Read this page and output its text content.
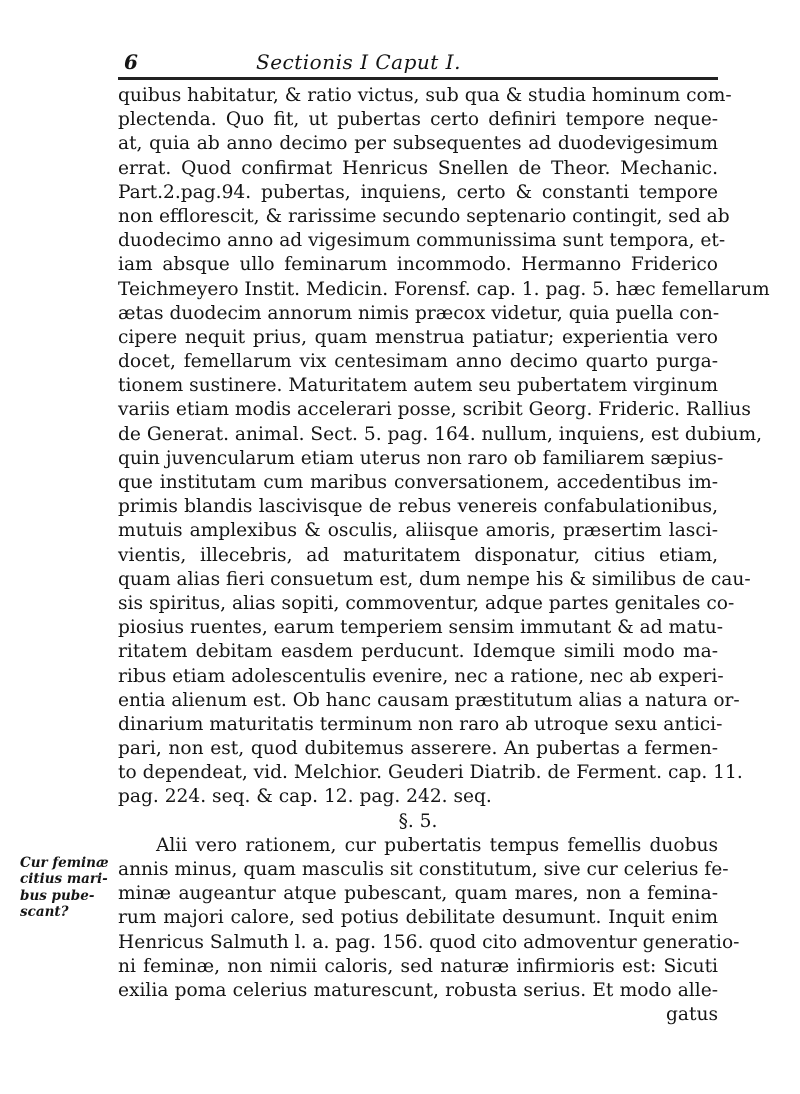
6	Sectionis I Caput I.
Cur feminæ
citius mari-
bus pube-
scant?
quibus habitatur, & ratio victus, sub qua & studia hominum com-
plectenda. Quo fit, ut pubertas certo definiri tempore neque-
at, quia ab anno decimo per subsequentes ad duodevigesimum
errat. Quod confirmat Henricus Snellen de Theor. Mechanic.
Part.2.pag.94. pubertas, inquiens, certo & constanti tempore
non efflorescit, & rarissime secundo septenario contingit, sed ab
duodecimo anno ad vigesimum communissima sunt tempora, et-
iam absque ullo feminarum incommodo. Hermanno Friderico
Teichmeyero Instit. Medicin. Forensf. cap. 1. pag. 5. hæc femellarum
ætas duodecim annorum nimis præcox videtur, quia puella con-
cipere nequit prius, quam menstrua patiatur; experientia vero
docet, femellarum vix centesimam anno decimo quarto purga-
tionem sustinere. Maturitatem autem seu pubertatem virginum
variis etiam modis accelerari posse, scribit Georg. Frideric. Rallius
de Generat. animal. Sect. 5. pag. 164. nullum, inquiens, est dubium,
quin juvencularum etiam uterus non raro ob familiarem sæpius-
que institutam cum maribus conversationem, accedentibus im-
primis blandis lascivisque de rebus venereis confabulationibus,
mutuis amplexibus & osculis, aliisque amoris, præsertim lasci-
vientis, illecebris, ad maturitatem disponatur, citius etiam,
quam alias fieri consuetum est, dum nempe his & similibus de cau-
sis spiritus, alias sopiti, commoventur, adque partes genitales co-
piosius ruentes, earum temperiem sensim immutant & ad matu-
ritatem debitam easdem perducunt. Idemque simili modo ma-
ribus etiam adolescentulis evenire, nec a ratione, nec ab experi-
entia alienum est. Ob hanc causam præstitutum alias a natura or-
dinarium maturitatis terminum non raro ab utroque sexu antici-
pari, non est, quod dubitemus asserere. An pubertas a fermen-
to dependeat, vid. Melchior. Geuderi Diatrib. de Ferment. cap. 11.
pag. 224. seq. & cap. 12. pag. 242. seq.
§. 5.
Alii vero rationem, cur pubertatis tempus femellis duobus
annis minus, quam masculis sit constitutum, sive cur celerius fe-
minæ augeantur atque pubescant, quam mares, non a femina-
rum majori calore, sed potius debilitate desumunt. Inquit enim
Henricus Salmuth l. a. pag. 156. quod cito admoventur generatio-
ni feminæ, non nimii caloris, sed naturæ infirmioris est: Sicuti
exilia poma celerius maturescunt, robusta serius. Et modo alle-
gatus
